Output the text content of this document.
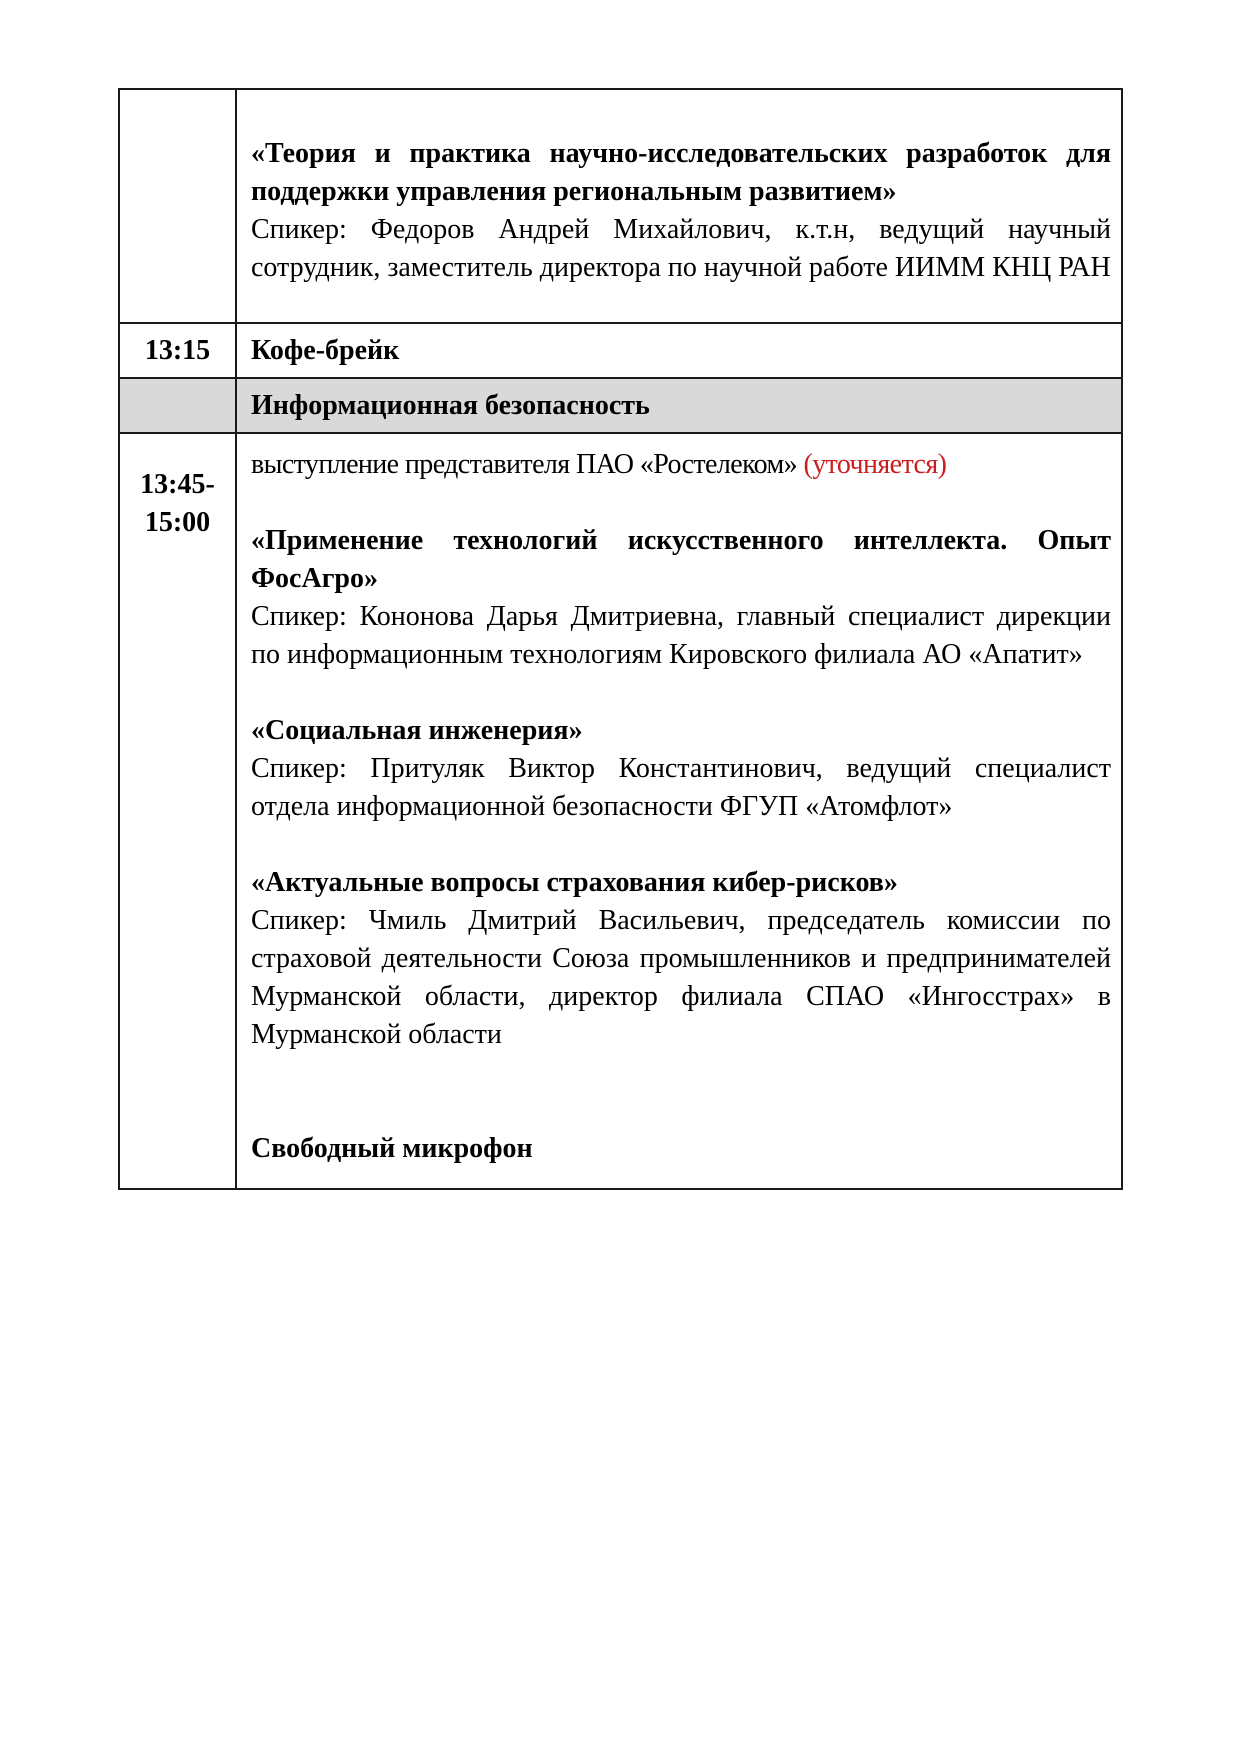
«Теория и практика научно-исследовательских разработок для поддержки управления региональным развитием»

Спикер: Федоров Андрей Михайлович, к.т.н, ведущий научный сотрудник, заместитель директора по научной работе ИИММ КНЦ РАН

13:15	Кофе-брейк

Информационная безопасность

13:45-
15:00

выступление представителя ПАО «Ростелеком» (уточняется)

«Применение технологий искусственного интеллекта. Опыт ФосАгро»

Спикер: Кононова Дарья Дмитриевна, главный специалист дирекции по информационным технологиям Кировского филиала АО «Апатит»

«Социальная инженерия»

Спикер: Притуляк Виктор Константинович, ведущий специалист отдела информационной безопасности ФГУП «Атомфлот»

«Актуальные вопросы страхования кибер-рисков»

Спикер: Чмиль Дмитрий Васильевич, председатель комиссии по страховой деятельности Союза промышленников и предпринимателей Мурманской области, директор филиала СПАО «Ингосстрах» в Мурманской области

Свободный микрофон
